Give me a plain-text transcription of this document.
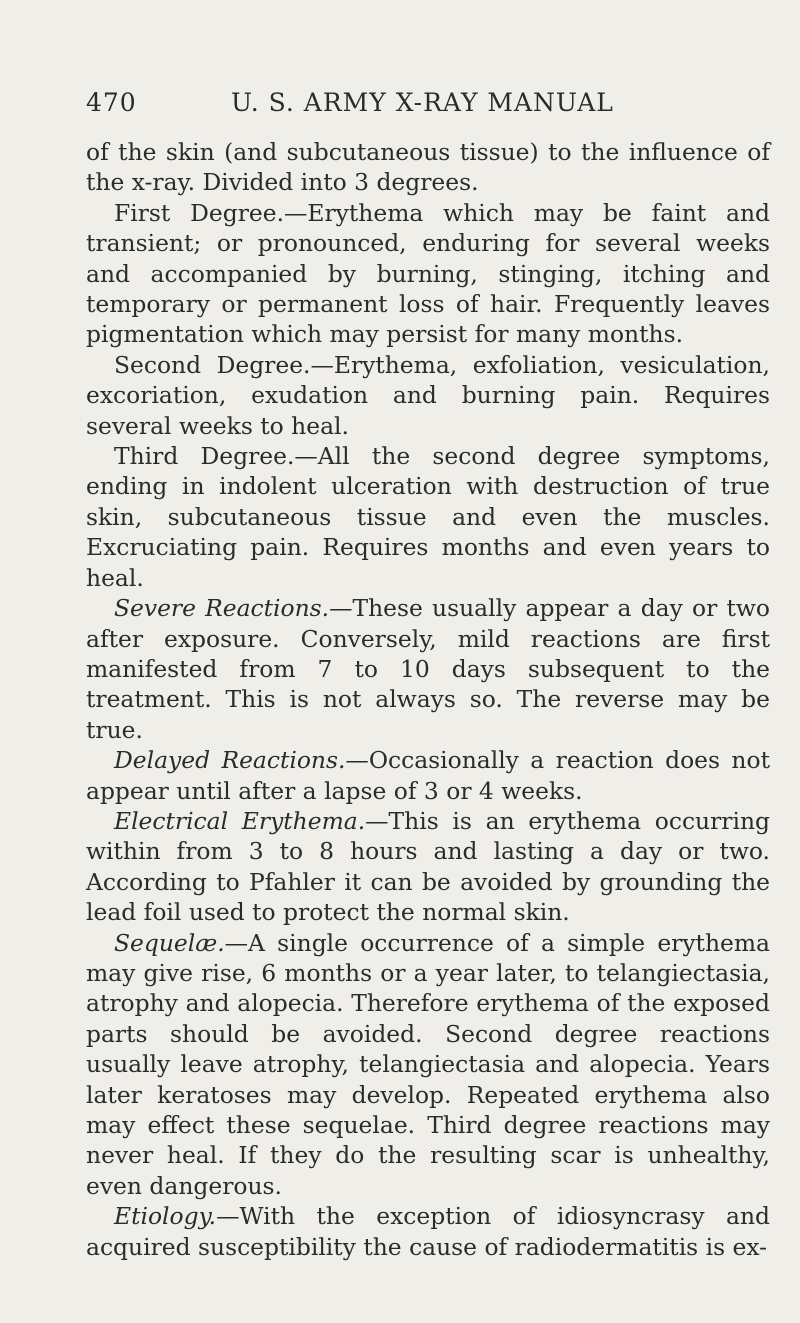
470	U. S. ARMY X-RAY MANUAL

of the skin (and subcutaneous tissue) to the influence of the x-ray. Divided into 3 degrees.

First Degree.—Erythema which may be faint and transient; or pronounced, enduring for several weeks and accompanied by burning, stinging, itching and temporary or permanent loss of hair. Frequently leaves pigmentation which may persist for many months.

Second Degree.—Erythema, exfoliation, vesiculation, excoriation, exudation and burning pain. Requires several weeks to heal.

Third Degree.—All the second degree symptoms, ending in indolent ulceration with destruction of true skin, subcutaneous tissue and even the muscles. Excruciating pain. Requires months and even years to heal.

Severe Reactions.—These usually appear a day or two after exposure. Conversely, mild reactions are first manifested from 7 to 10 days subsequent to the treatment. This is not always so. The reverse may be true.

Delayed Reactions.—Occasionally a reaction does not appear until after a lapse of 3 or 4 weeks.

Electrical Erythema.—This is an erythema occurring within from 3 to 8 hours and lasting a day or two. According to Pfahler it can be avoided by grounding the lead foil used to protect the normal skin.

Sequelæ.—A single occurrence of a simple erythema may give rise, 6 months or a year later, to telangiectasia, atrophy and alopecia. Therefore erythema of the exposed parts should be avoided. Second degree reactions usually leave atrophy, telangiectasia and alopecia. Years later keratoses may develop. Repeated erythema also may effect these sequelae. Third degree reactions may never heal. If they do the resulting scar is unhealthy, even dangerous.

Etiology.—With the exception of idiosyncrasy and acquired susceptibility the cause of radiodermatitis is ex-
